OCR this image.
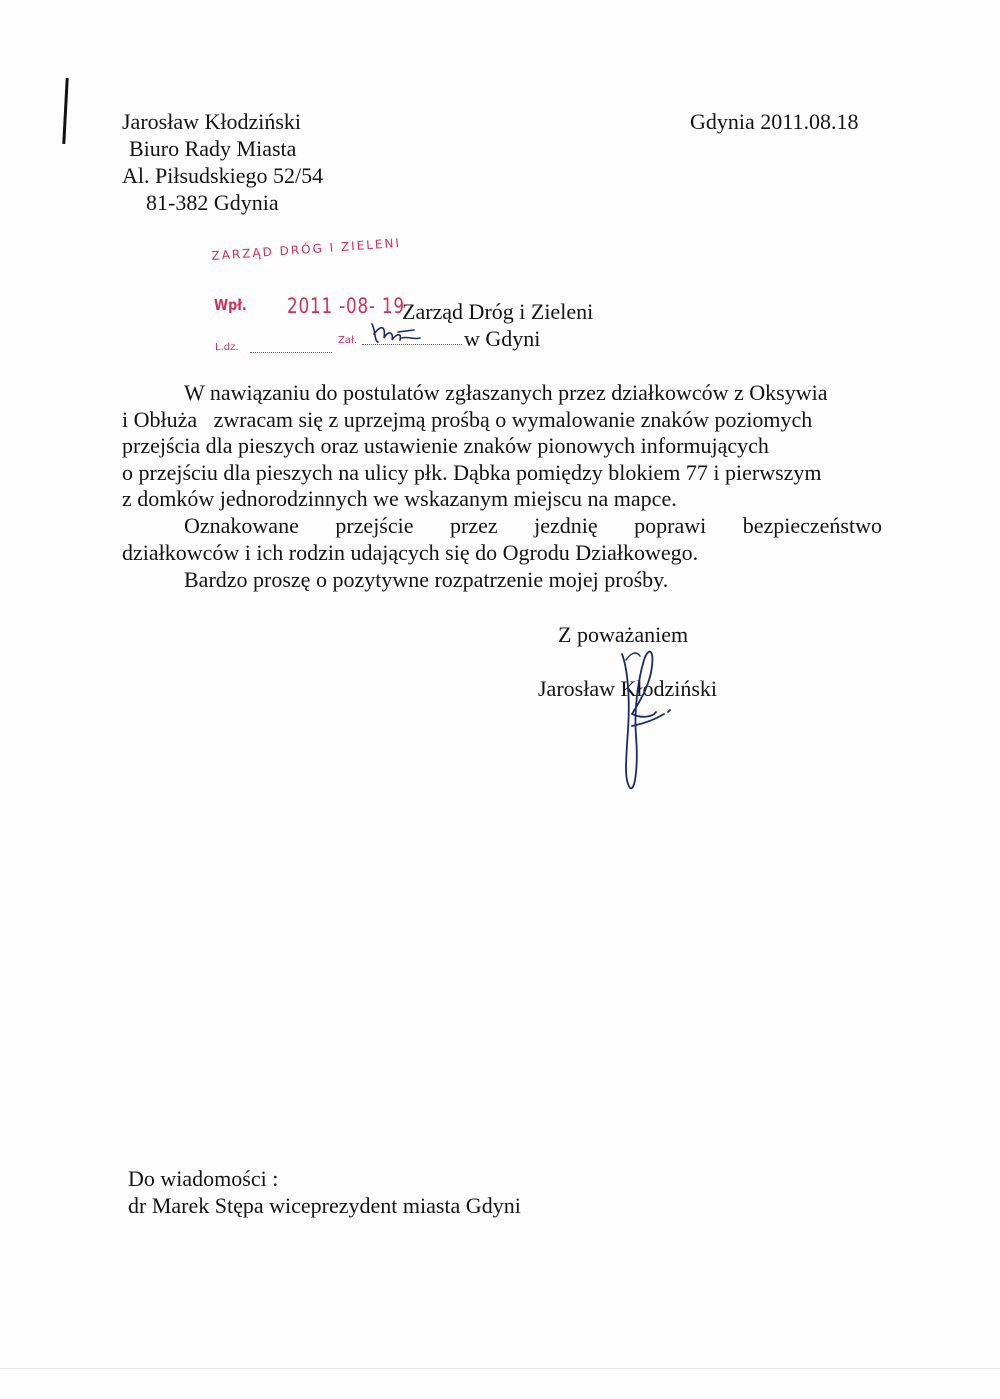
Jarosław Kłodziński
Biuro Rady Miasta
Al. Piłsudskiego 52/54
81-382 Gdynia
Gdynia 2011.08.18
ZARZĄD DRÓG I ZIELENI
Wpł. 2011 -08- 19
L.dz.
Zał.
Zarząd Dróg i Zieleni
w Gdyni
W nawiązaniu do postulatów zgłaszanych przez działkowców z Oksywia
i Obłuża   zwracam się z uprzejmą prośbą o wymalowanie znaków poziomych
przejścia dla pieszych oraz ustawienie znaków pionowych informujących
o przejściu dla pieszych na ulicy płk. Dąbka pomiędzy blokiem 77 i pierwszym
z domków jednorodzinnych we wskazanym miejscu na mapce.
Oznakowane przejście przez jezdnię poprawi bezpieczeństwo
działkowców i ich rodzin udających się do Ogrodu Działkowego.
Bardzo proszę o pozytywne rozpatrzenie mojej prośby.
Z poważaniem
Jarosław Kłodziński
Do wiadomości :
dr Marek Stępa wiceprezydent miasta Gdyni
